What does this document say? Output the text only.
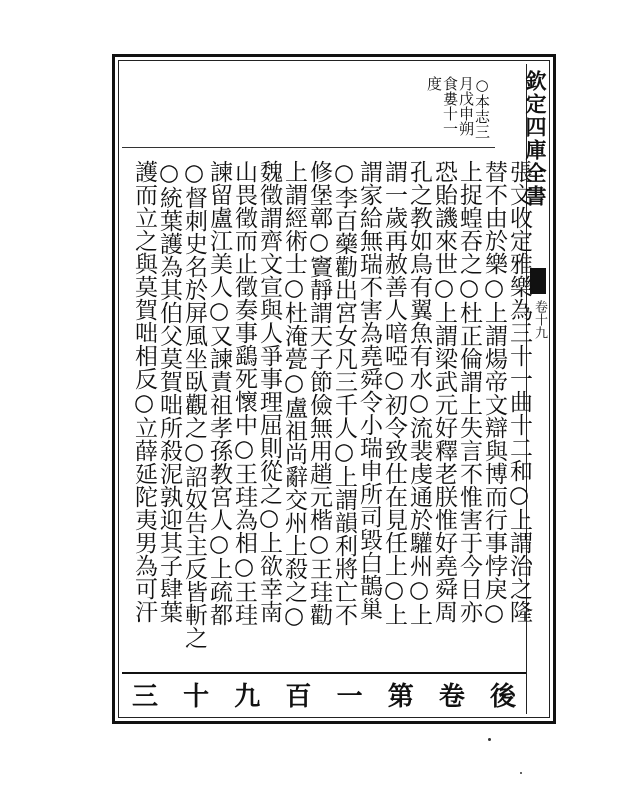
欽定四庫全書
卷十九
○本志三
月戊申朔
食婁十一
度
張文收定雅樂為三十一曲十二和○上謂治之隆
替不由於樂○上謂煬帝文辯與博而行事悖戾○
上捉蝗吞之○杜正倫謂上失言不惟害于今日亦
恐貽譏來世○上謂梁武元好釋老朕惟好堯舜周
孔之教如鳥有翼魚有水○流裴虔通於驩州○上
謂一歲再赦善人喑啞○初令致仕在見任上○上
謂家給無瑞不害為堯舜令小瑞申所司毀白鵲巢
○李百藥勸出宮女凡三千人○上謂韻利將亡不
修堡鄣○竇靜謂天子節儉無用趙元楷○王珪勸
上謂經術士○杜淹甍○盧祖尚辭交州上殺之○
魏徵謂齊文宣與人爭事理屈則從之○上欲幸南
山畏徵而止徵奏事鷂死懷中○王珪為相○王珪
諫留盧江美人○又諫責祖孝孫教宮人○上疏都
○督刺史名於屏風坐臥觀之○詔奴告主反皆斬之
○統葉護為其伯父莫賀咄所殺泥孰迎其子肆葉
護而立之與莫賀咄相反○立薛延陀夷男為可汗
三 十 九 百 一 第 卷 後
